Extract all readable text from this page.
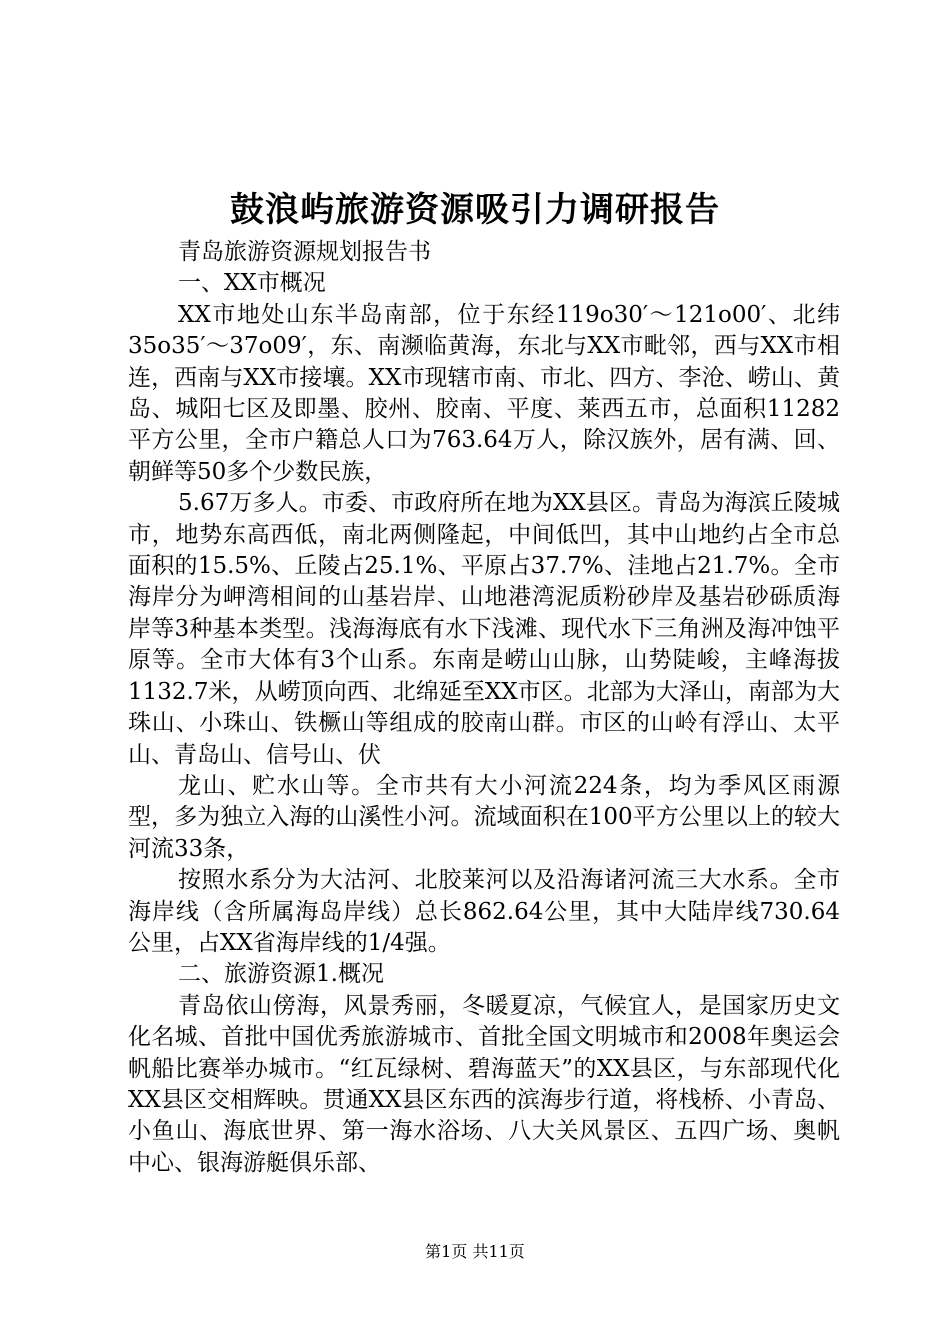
鼓浪屿旅游资源吸引力调研报告

青岛旅游资源规划报告书

一、XX市概况

XX市地处山东半岛南部，位于东经119o30′～121o00′、北纬35o35′～37o09′，东、南濒临黄海，东北与XX市毗邻，西与XX市相连，西南与XX市接壤。XX市现辖市南、市北、四方、李沧、崂山、黄岛、城阳七区及即墨、胶州、胶南、平度、莱西五市，总面积11282平方公里，全市户籍总人口为763.64万人，除汉族外，居有满、回、朝鲜等50多个少数民族，

5.67万多人。市委、市政府所在地为XX县区。青岛为海滨丘陵城市，地势东高西低，南北两侧隆起，中间低凹，其中山地约占全市总面积的15.5%、丘陵占25.1%、平原占37.7%、洼地占21.7%。全市海岸分为岬湾相间的山基岩岸、山地港湾泥质粉砂岸及基岩砂砾质海岸等3种基本类型。浅海海底有水下浅滩、现代水下三角洲及海冲蚀平原等。全市大体有3个山系。东南是崂山山脉，山势陡峻，主峰海拔1132.7米，从崂顶向西、北绵延至XX市区。北部为大泽山，南部为大珠山、小珠山、铁橛山等组成的胶南山群。市区的山岭有浮山、太平山、青岛山、信号山、伏

龙山、贮水山等。全市共有大小河流224条，均为季风区雨源型，多为独立入海的山溪性小河。流域面积在100平方公里以上的较大河流33条，

按照水系分为大沽河、北胶莱河以及沿海诸河流三大水系。全市海岸线（含所属海岛岸线）总长862.64公里，其中大陆岸线730.64公里，占XX省海岸线的1/4强。

二、旅游资源1.概况

青岛依山傍海，风景秀丽，冬暖夏凉，气候宜人，是国家历史文化名城、首批中国优秀旅游城市、首批全国文明城市和2008年奥运会帆船比赛举办城市。“红瓦绿树、碧海蓝天”的XX县区，与东部现代化XX县区交相辉映。贯通XX县区东西的滨海步行道，将栈桥、小青岛、小鱼山、海底世界、第一海水浴场、八大关风景区、五四广场、奥帆中心、银海游艇俱乐部、

第1页 共11页
